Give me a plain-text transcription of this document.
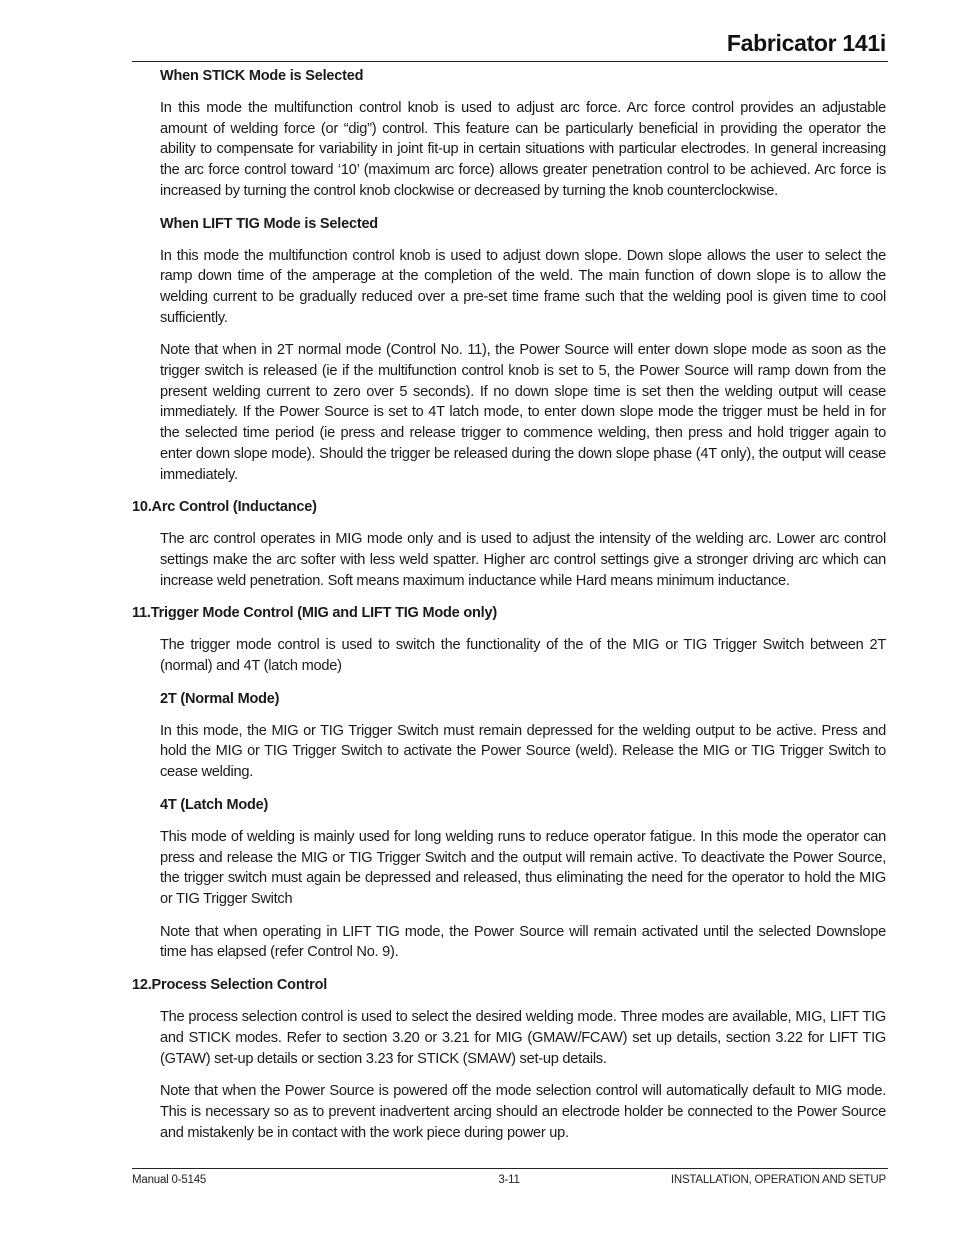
Fabricator 141i
When STICK Mode is Selected

In this mode the multifunction control knob is used to adjust arc force. Arc force control provides an adjustable amount of welding force (or “dig”) control. This feature can be particularly beneficial in providing the operator the ability to compensate for variability in joint fit-up in certain situations with particular electrodes. In general increasing the arc force control toward ‘10’ (maximum arc force) allows greater penetration control to be achieved. Arc force is increased by turning the control knob clockwise or decreased by turning the knob counterclockwise.

When LIFT TIG Mode is Selected

In this mode the multifunction control knob is used to adjust down slope. Down slope allows the user to select the ramp down time of the amperage at the completion of the weld. The main function of down slope is to allow the welding current to be gradually reduced over a pre-set time frame such that the welding pool is given time to cool sufficiently.

Note that when in 2T normal mode (Control No. 11), the Power Source will enter down slope mode as soon as the trigger switch is released (ie if the multifunction control knob is set to 5, the Power Source will ramp down from the present welding current to zero over 5 seconds). If no down slope time is set then the welding output will cease immediately. If the Power Source is set to 4T latch mode, to enter down slope mode the trigger must be held in for the selected time period (ie press and release trigger to commence welding, then press and hold trigger again to enter down slope mode). Should the trigger be released during the down slope phase (4T only), the output will cease immediately.

10.Arc Control (Inductance)

The arc control operates in MIG mode only and is used to adjust the intensity of the welding arc. Lower arc control settings make the arc softer with less weld spatter. Higher arc control settings give a stronger driving arc which can increase weld penetration. Soft means maximum inductance while Hard means minimum inductance.

11.Trigger Mode Control (MIG and LIFT TIG Mode only)

The trigger mode control is used to switch the functionality of the of the MIG or TIG Trigger Switch between 2T (normal) and 4T (latch mode)

2T (Normal Mode)

In this mode, the MIG or TIG Trigger Switch must remain depressed for the welding output to be active. Press and hold the MIG or TIG Trigger Switch to activate the Power Source (weld). Release the MIG or TIG Trigger Switch to cease welding.

4T (Latch Mode)

This mode of welding is mainly used for long welding runs to reduce operator fatigue. In this mode the operator can press and release the MIG or TIG Trigger Switch and the output will remain active. To deactivate the Power Source, the trigger switch must again be depressed and released, thus eliminating the need for the operator to hold the MIG or TIG Trigger Switch

Note that when operating in LIFT TIG mode, the Power Source will remain activated until the selected Downslope time has elapsed (refer Control No. 9).

12.Process Selection Control

The process selection control is used to select the desired welding mode. Three modes are available, MIG, LIFT TIG and STICK modes. Refer to section 3.20 or 3.21 for MIG (GMAW/FCAW) set up details, section 3.22 for LIFT TIG (GTAW) set-up details or section 3.23 for STICK (SMAW) set-up details.

Note that when the Power Source is powered off the mode selection control will automatically default to MIG mode. This is necessary so as to prevent inadvertent arcing should an electrode holder be connected to the Power Source and mistakenly be in contact with the work piece during power up.

Manual 0-5145	3-11	INSTALLATION, OPERATION AND SETUP
